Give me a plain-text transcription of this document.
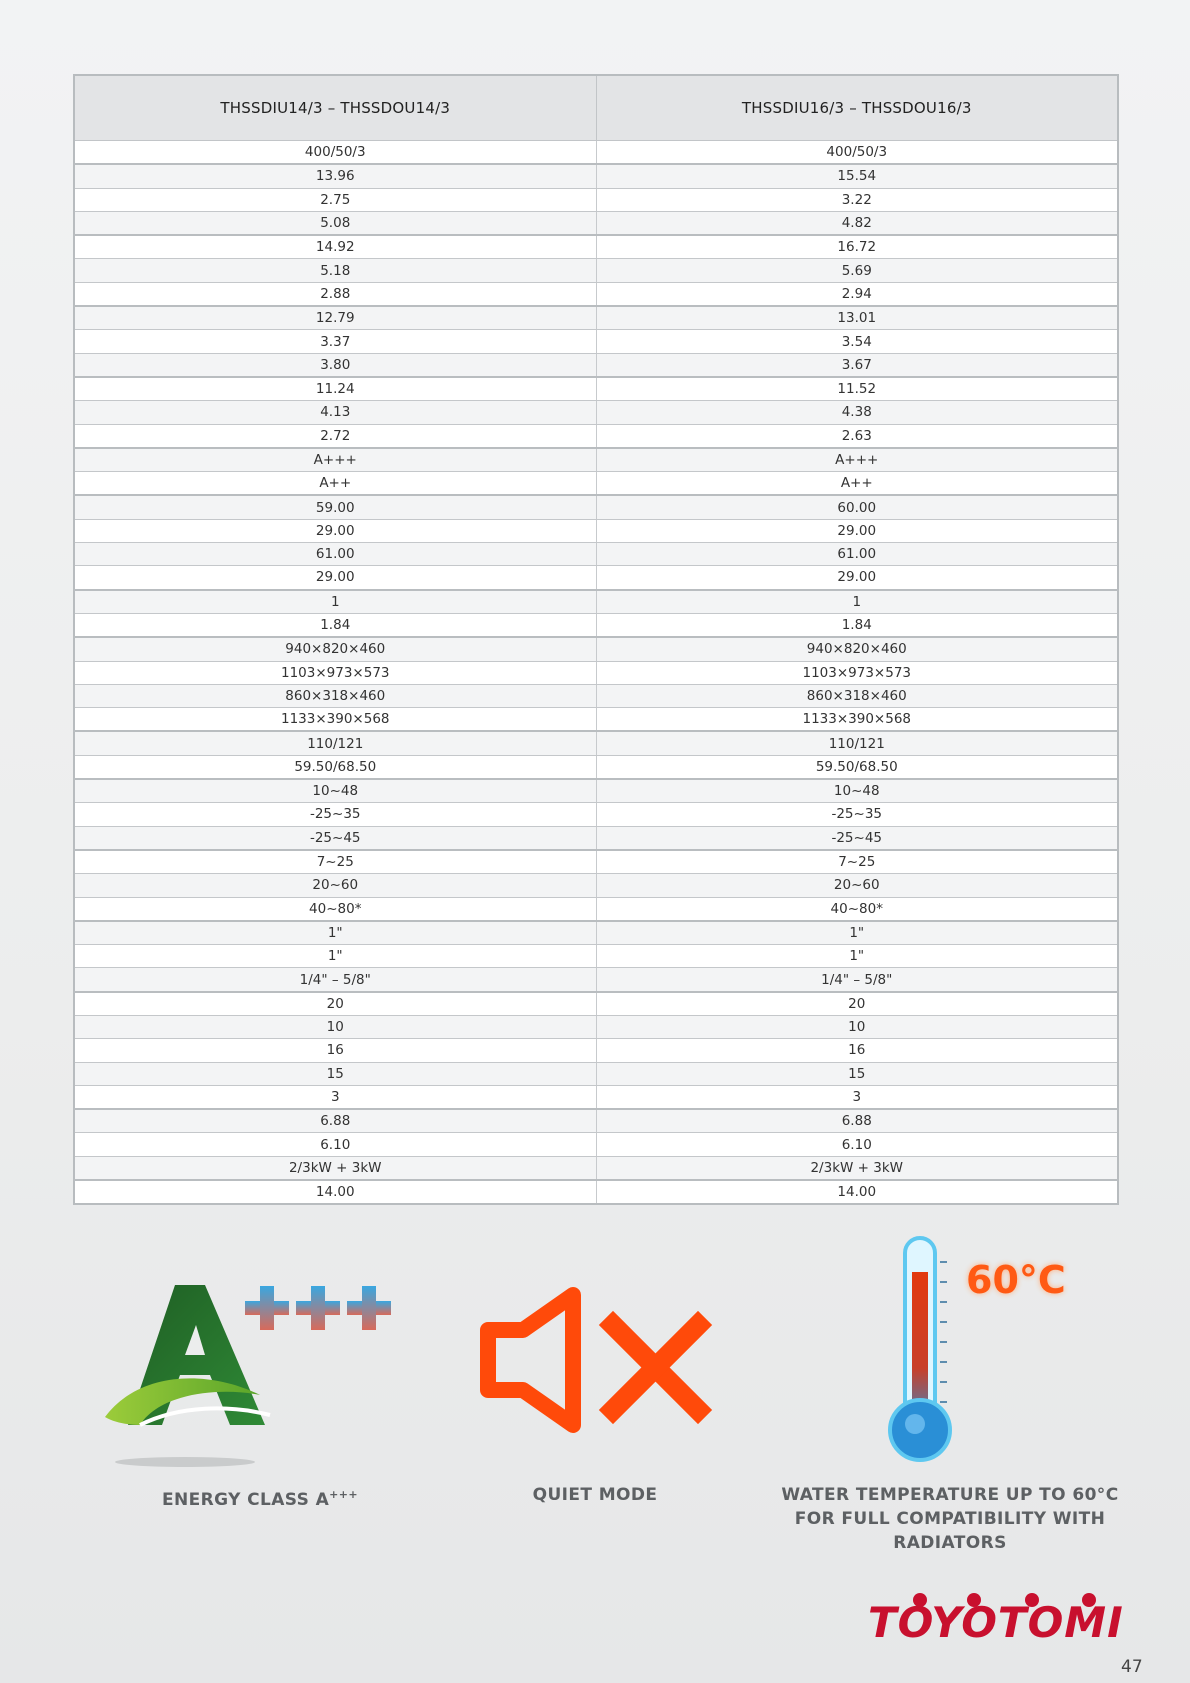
THSSDIU14/3 – THSSDOU14/3	THSSDIU16/3 – THSSDOU16/3
400/50/3	400/50/3
13.96	15.54
2.75	3.22
5.08	4.82
14.92	16.72
5.18	5.69
2.88	2.94
12.79	13.01
3.37	3.54
3.80	3.67
11.24	11.52
4.13	4.38
2.72	2.63
A+++	A+++
A++	A++
59.00	60.00
29.00	29.00
61.00	61.00
29.00	29.00
1	1
1.84	1.84
940×820×460	940×820×460
1103×973×573	1103×973×573
860×318×460	860×318×460
1133×390×568	1133×390×568
110/121	110/121
59.50/68.50	59.50/68.50
10~48	10~48
-25~35	-25~35
-25~45	-25~45
7~25	7~25
20~60	20~60
40~80*	40~80*
1"	1"
1"	1"
1/4" – 5/8"	1/4" – 5/8"
20	20
10	10
16	16
15	15
3	3
6.88	6.88
6.10	6.10
2/3kW + 3kW	2/3kW + 3kW
14.00	14.00
ENERGY CLASS A+++	QUIET MODE
60°C
WATER TEMPERATURE UP TO 60°C
FOR FULL COMPATIBILITY WITH
RADIATORS
TOYOTOMI
47
